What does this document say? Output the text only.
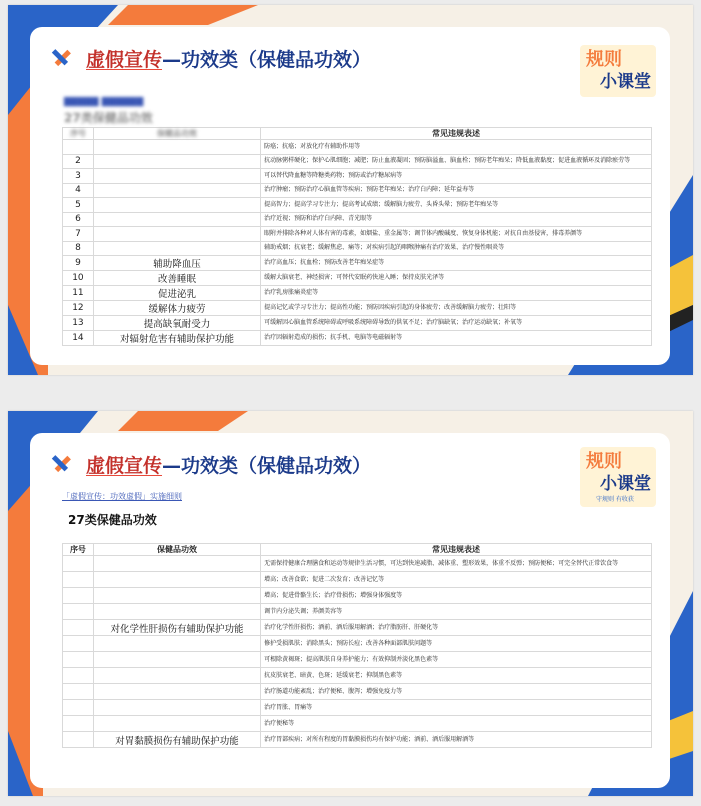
虚假宣传—功效类（保健品功效）	规则
小课堂
▇▇▇▇▇ ▇▇▇▇▇▇
27类保健品功效
序号	保健品功效	常见违规表述
		防癌；抗癌；对放化疗有辅助作用等
2		抗动脉粥样硬化；保护心肌细胞；减肥；防止血液凝固；预防脑溢血、脑血栓；预防老年痴呆；降低血液黏度；促进血液循环及消除瘀劳等
3		可以替代降血糖等降糖类药物；预防或治疗糖尿病等
4		治疗肿瘤；预防治疗心脑血管等疾病；预防老年痴呆；治疗白内障；延年益寿等
5		提高智力；提高学习专注力；提高考试成绩；缓解脑力疲劳、头昏头晕；预防老年痴呆等
6		治疗近视；预防和治疗白内障、青光眼等
7		眼附并排除各种对人体有害的毒素，如烟盐、重金属等；调节体内酸碱度、恢复身体机能；对抗自由基侵害，排毒养颜等
8		辅助戒烟；抗衰老；缓解焦虑、痛等；对疾病引起的咽喉肿痛有治疗效果、治疗慢性咽炎等
9	辅助降血压	治疗高血压；抗血栓；预防改善老年痴呆症等
10	改善睡眠	缓解大脑衰老、神经损害；可替代安眠药快速入睡；保持皮肤光泽等
11	促进泌乳	治疗乳房胀痛炎症等
12	缓解体力疲劳	提高记忆或学习专注力；提高性功能；预防因疾病引起的身体疲劳；改善缓解脑力疲劳；壮阳等
13	提高缺氧耐受力	可缓解因心脑血管系统障碍或呼吸系统障碍导致的供氧不足；治疗脑缺氧；治疗运动缺氧；补氧等
14	对辐射危害有辅助保护功能	治疗因辐射造成的损伤；抗手机、电脑等电磁辐射等
虚假宣传—功效类（保健品功效）	规则
小课堂
守规则 有收获
「虚假宣传：功效虚假」实施细则
27类保健品功效
序号	保健品功效	常见违规表述
		无需保持健康合理膳食和运动等规律生活习惯，可达到快速减脂、减体重、塑形效果，体重不反弹；预防便秘；可完全替代正常饮食等
		增高；改善食欲；促进二次发育；改善记忆等
		增高；促进骨骼生长；治疗骨损伤；增强身体强度等
		调节内分泌失调；养颜美容等
	对化学性肝损伤有辅助保护功能	治疗化学性肝损伤；酒前、酒后服用解酒；治疗脂肪肝、肝硬化等
		修护受损肌肤；消除黑头；预防长痘；改善各种面部肌肤问题等
		可根除黄褐斑；提高肌肤自身养护能力；有效抑制并淡化黑色素等
		抗皮肤衰老、暗黄、色斑；延缓衰老；抑制黑色素等
		治疗肠道功能紊乱；治疗便秘、腹泻；增强免疫力等
		治疗胃胀、胃痛等
		治疗便秘等
	对胃黏膜损伤有辅助保护功能	治疗胃部疾病；对所有程度的胃黏膜损伤均有保护功能；酒前、酒后服用解酒等
